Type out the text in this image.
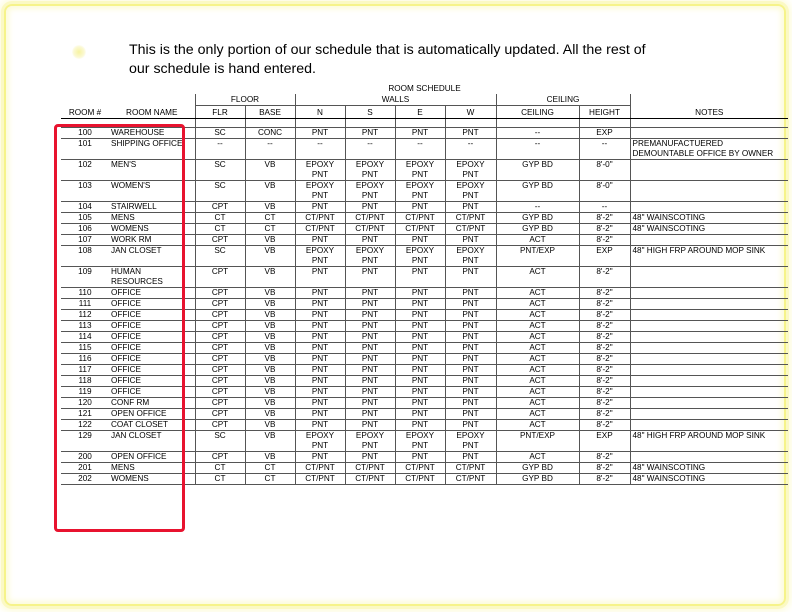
This is the only portion of our schedule that is automatically updated. All the rest of our schedule is hand entered.
ROOM SCHEDULE										
		FLOOR		WALLS				CEILING		
ROOM #	ROOM NAME	FLR	BASE	N	S	E	W	CEILING	HEIGHT	NOTES

100	WAREHOUSE	SC	CONC	PNT	PNT	PNT	PNT	--	EXP	
101	SHIPPING OFFICE	--	--	--	--	--	--	--	--	PREMANUFACTUERED DEMOUNTABLE OFFICE BY OWNER
102	MEN'S	SC	VB	EPOXY PNT	EPOXY PNT	EPOXY PNT	EPOXY PNT	GYP BD	8'-0"	
103	WOMEN'S	SC	VB	EPOXY PNT	EPOXY PNT	EPOXY PNT	EPOXY PNT	GYP BD	8'-0"	
104	STAIRWELL	CPT	VB	PNT	PNT	PNT	PNT	--	--	
105	MENS	CT	CT	CT/PNT	CT/PNT	CT/PNT	CT/PNT	GYP BD	8'-2"	48" WAINSCOTING
106	WOMENS	CT	CT	CT/PNT	CT/PNT	CT/PNT	CT/PNT	GYP BD	8'-2"	48" WAINSCOTING
107	WORK RM	CPT	VB	PNT	PNT	PNT	PNT	ACT	8'-2"	
108	JAN CLOSET	SC	VB	EPOXY PNT	EPOXY PNT	EPOXY PNT	EPOXY PNT	PNT/EXP	EXP	48" HIGH FRP AROUND MOP SINK
109	HUMAN RESOURCES	CPT	VB	PNT	PNT	PNT	PNT	ACT	8'-2"	
110	OFFICE	CPT	VB	PNT	PNT	PNT	PNT	ACT	8'-2"	
111	OFFICE	CPT	VB	PNT	PNT	PNT	PNT	ACT	8'-2"	
112	OFFICE	CPT	VB	PNT	PNT	PNT	PNT	ACT	8'-2"	
113	OFFICE	CPT	VB	PNT	PNT	PNT	PNT	ACT	8'-2"	
114	OFFICE	CPT	VB	PNT	PNT	PNT	PNT	ACT	8'-2"	
115	OFFICE	CPT	VB	PNT	PNT	PNT	PNT	ACT	8'-2"	
116	OFFICE	CPT	VB	PNT	PNT	PNT	PNT	ACT	8'-2"	
117	OFFICE	CPT	VB	PNT	PNT	PNT	PNT	ACT	8'-2"	
118	OFFICE	CPT	VB	PNT	PNT	PNT	PNT	ACT	8'-2"	
119	OFFICE	CPT	VB	PNT	PNT	PNT	PNT	ACT	8'-2"	
120	CONF RM	CPT	VB	PNT	PNT	PNT	PNT	ACT	8'-2"	
121	OPEN OFFICE	CPT	VB	PNT	PNT	PNT	PNT	ACT	8'-2"	
122	COAT CLOSET	CPT	VB	PNT	PNT	PNT	PNT	ACT	8'-2"	
129	JAN CLOSET	SC	VB	EPOXY PNT	EPOXY PNT	EPOXY PNT	EPOXY PNT	PNT/EXP	EXP	48" HIGH FRP AROUND MOP SINK
200	OPEN OFFICE	CPT	VB	PNT	PNT	PNT	PNT	ACT	8'-2"	
201	MENS	CT	CT	CT/PNT	CT/PNT	CT/PNT	CT/PNT	GYP BD	8'-2"	48" WAINSCOTING
202	WOMENS	CT	CT	CT/PNT	CT/PNT	CT/PNT	CT/PNT	GYP BD	8'-2"	48" WAINSCOTING
